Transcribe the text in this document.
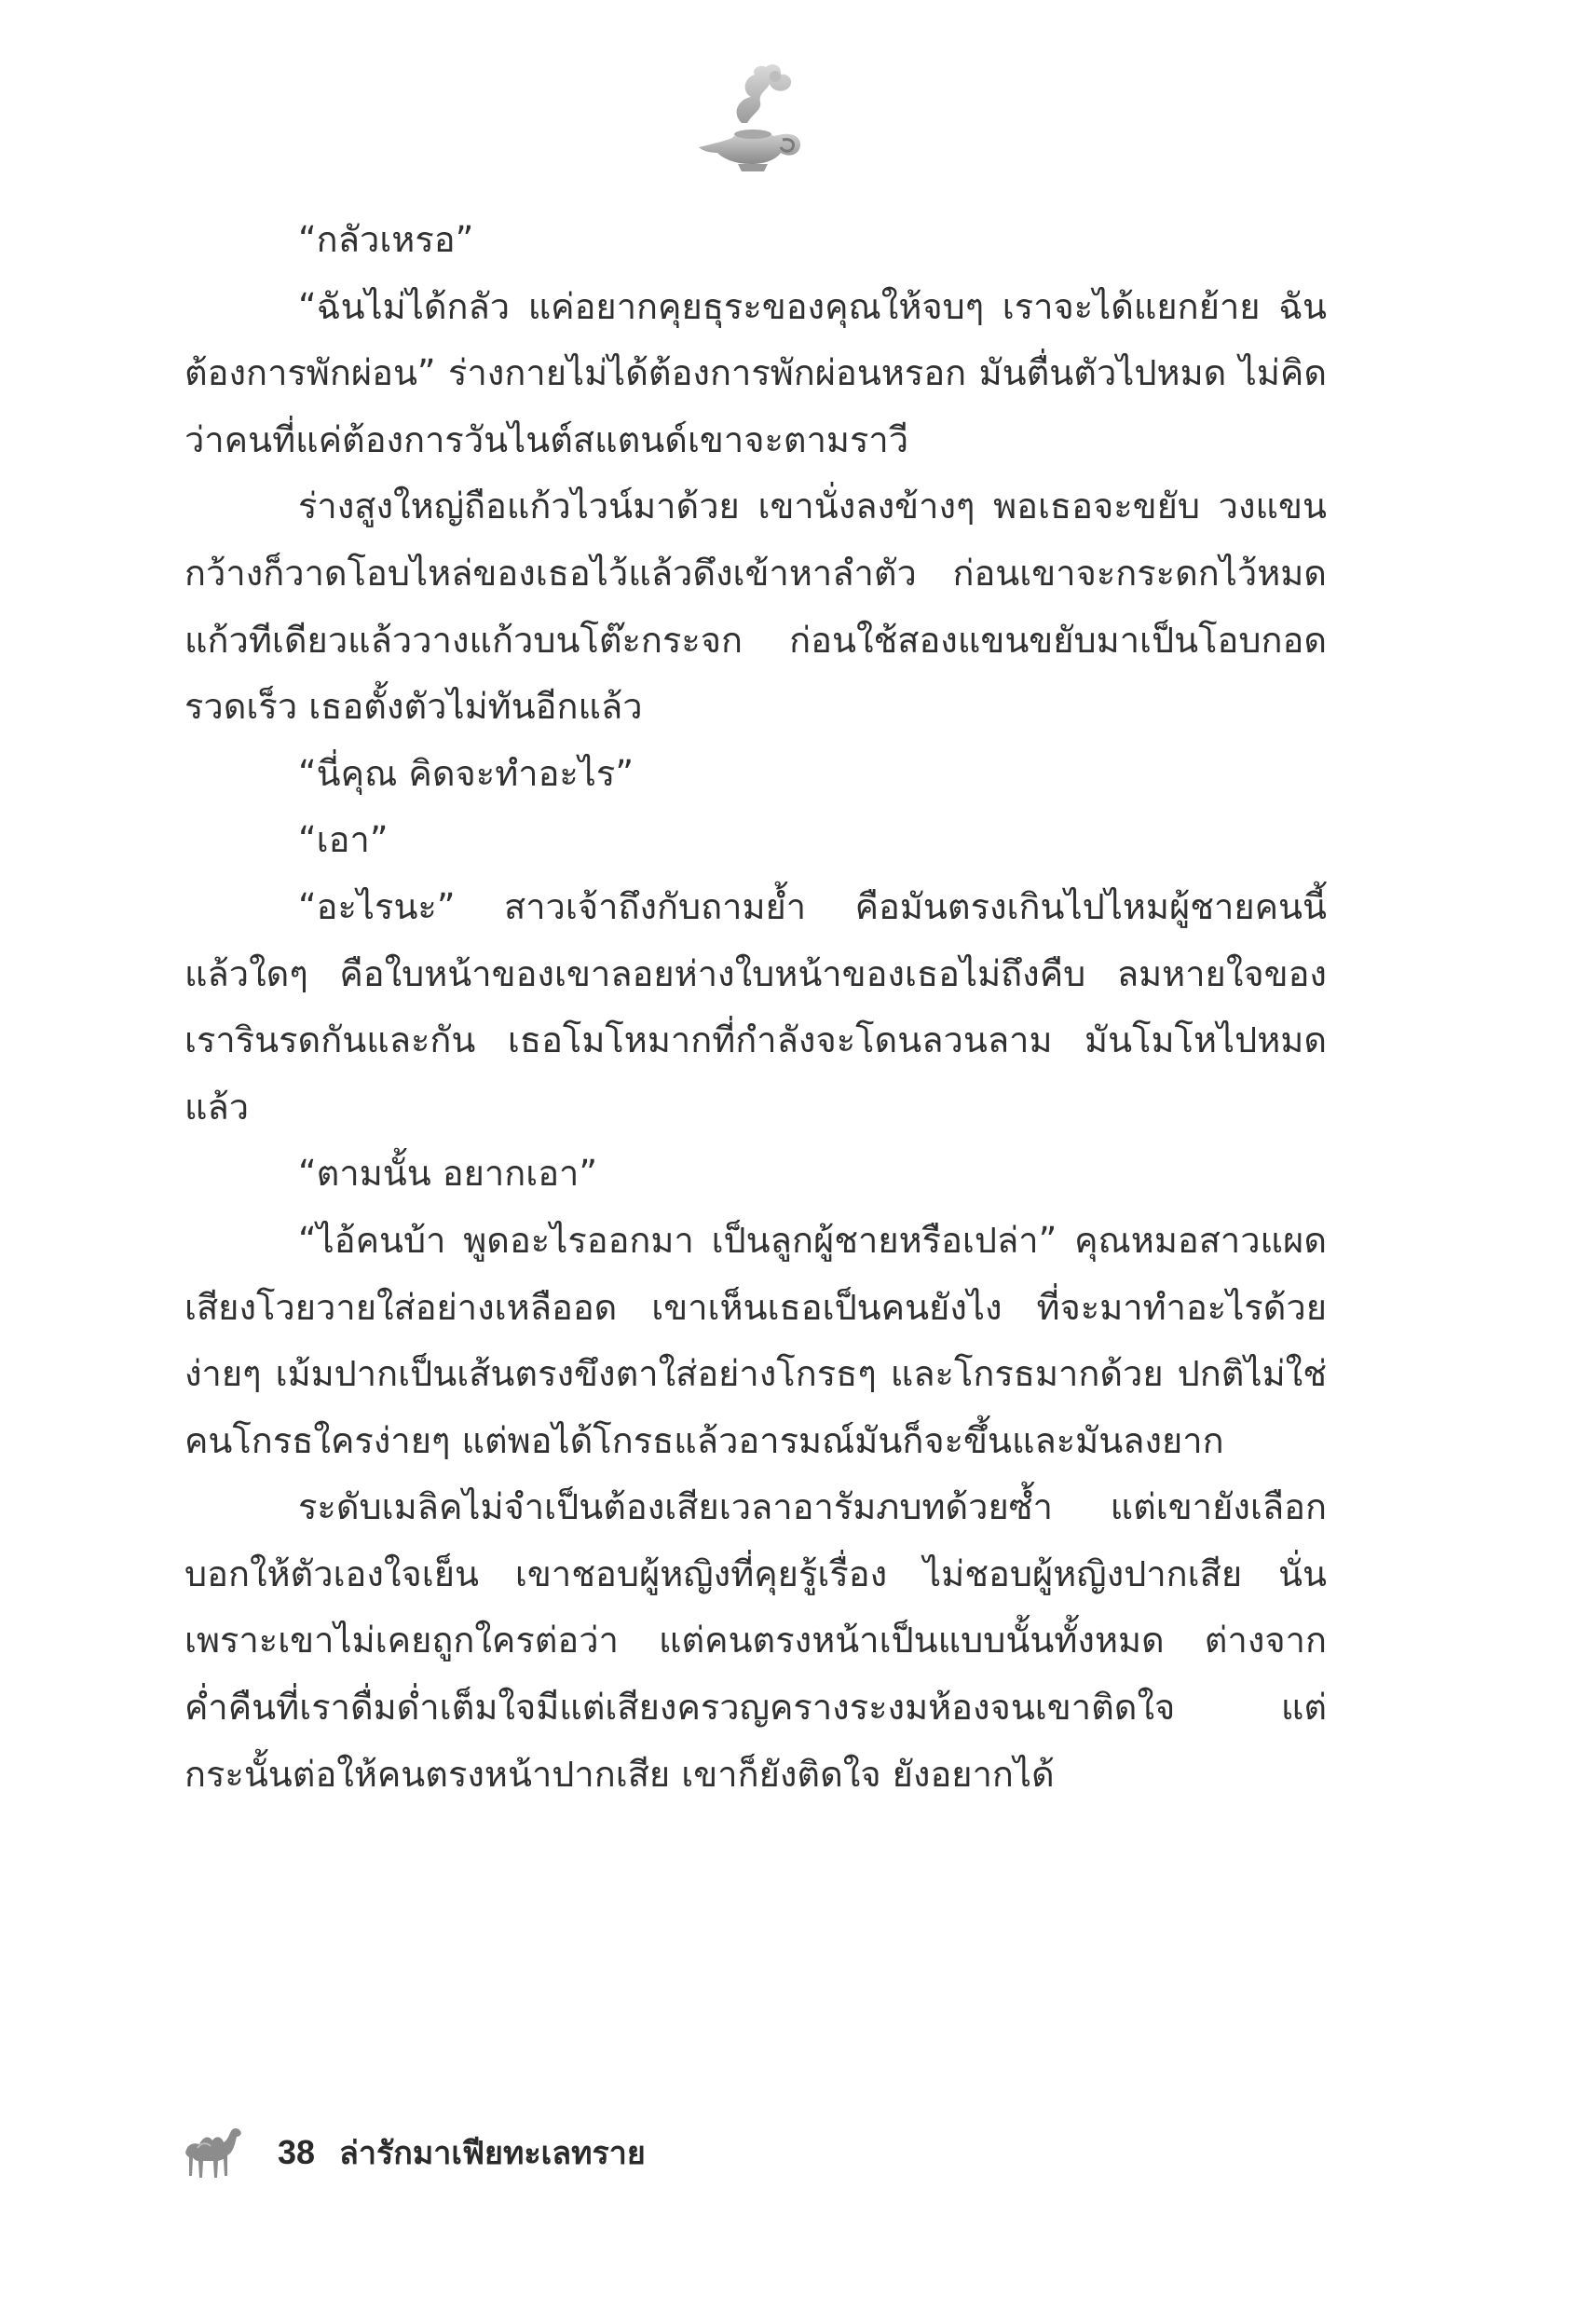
“กลัวเหรอ”

“ฉันไม่ได้กลัว แค่อยากคุยธุระของคุณให้จบๆ เราจะได้แยกย้าย ฉันต้องการพักผ่อน” ร่างกายไม่ได้ต้องการพักผ่อนหรอก มันตื่นตัวไปหมด ไม่คิดว่าคนที่แค่ต้องการวันไนต์สแตนด์เขาจะตามราวี

ร่างสูงใหญ่ถือแก้วไวน์มาด้วย เขานั่งลงข้างๆ พอเธอจะขยับ วงแขนกว้างก็วาดโอบไหล่ของเธอไว้แล้วดึงเข้าหาลำตัว ก่อนเขาจะกระดกไว้หมดแก้วทีเดียวแล้ววางแก้วบนโต๊ะกระจก ก่อนใช้สองแขนขยับมาเป็นโอบกอดรวดเร็ว เธอตั้งตัวไม่ทันอีกแล้ว

“นี่คุณ คิดจะทำอะไร”

“เอา”

“อะไรนะ” สาวเจ้าถึงกับถามย้ำ คือมันตรงเกินไปไหมผู้ชายคนนี้ แล้วใดๆ คือใบหน้าของเขาลอยห่างใบหน้าของเธอไม่ถึงคืบ ลมหายใจของเรารินรดกันและกัน เธอโมโหมากที่กำลังจะโดนลวนลาม มันโมโหไปหมดแล้ว

“ตามนั้น อยากเอา”

“ไอ้คนบ้า พูดอะไรออกมา เป็นลูกผู้ชายหรือเปล่า” คุณหมอสาวแผดเสียงโวยวายใส่อย่างเหลืออด เขาเห็นเธอเป็นคนยังไง ที่จะมาทำอะไรด้วยง่ายๆ เม้มปากเป็นเส้นตรงขึงตาใส่อย่างโกรธๆ และโกรธมากด้วย ปกติไม่ใช่คนโกรธใครง่ายๆ แต่พอได้โกรธแล้วอารมณ์มันก็จะขึ้นและมันลงยาก

ระดับเมลิคไม่จำเป็นต้องเสียเวลาอารัมภบทด้วยซ้ำ แต่เขายังเลือกบอกให้ตัวเองใจเย็น เขาชอบผู้หญิงที่คุยรู้เรื่อง ไม่ชอบผู้หญิงปากเสีย นั่นเพราะเขาไม่เคยถูกใครต่อว่า แต่คนตรงหน้าเป็นแบบนั้นทั้งหมด ต่างจากค่ำคืนที่เราดื่มด่ำเต็มใจมีแต่เสียงครวญครางระงมห้องจนเขาติดใจ แต่กระนั้นต่อให้คนตรงหน้าปากเสีย เขาก็ยังติดใจ ยังอยากได้

38 ล่ารักมาเฟียทะเลทราย
